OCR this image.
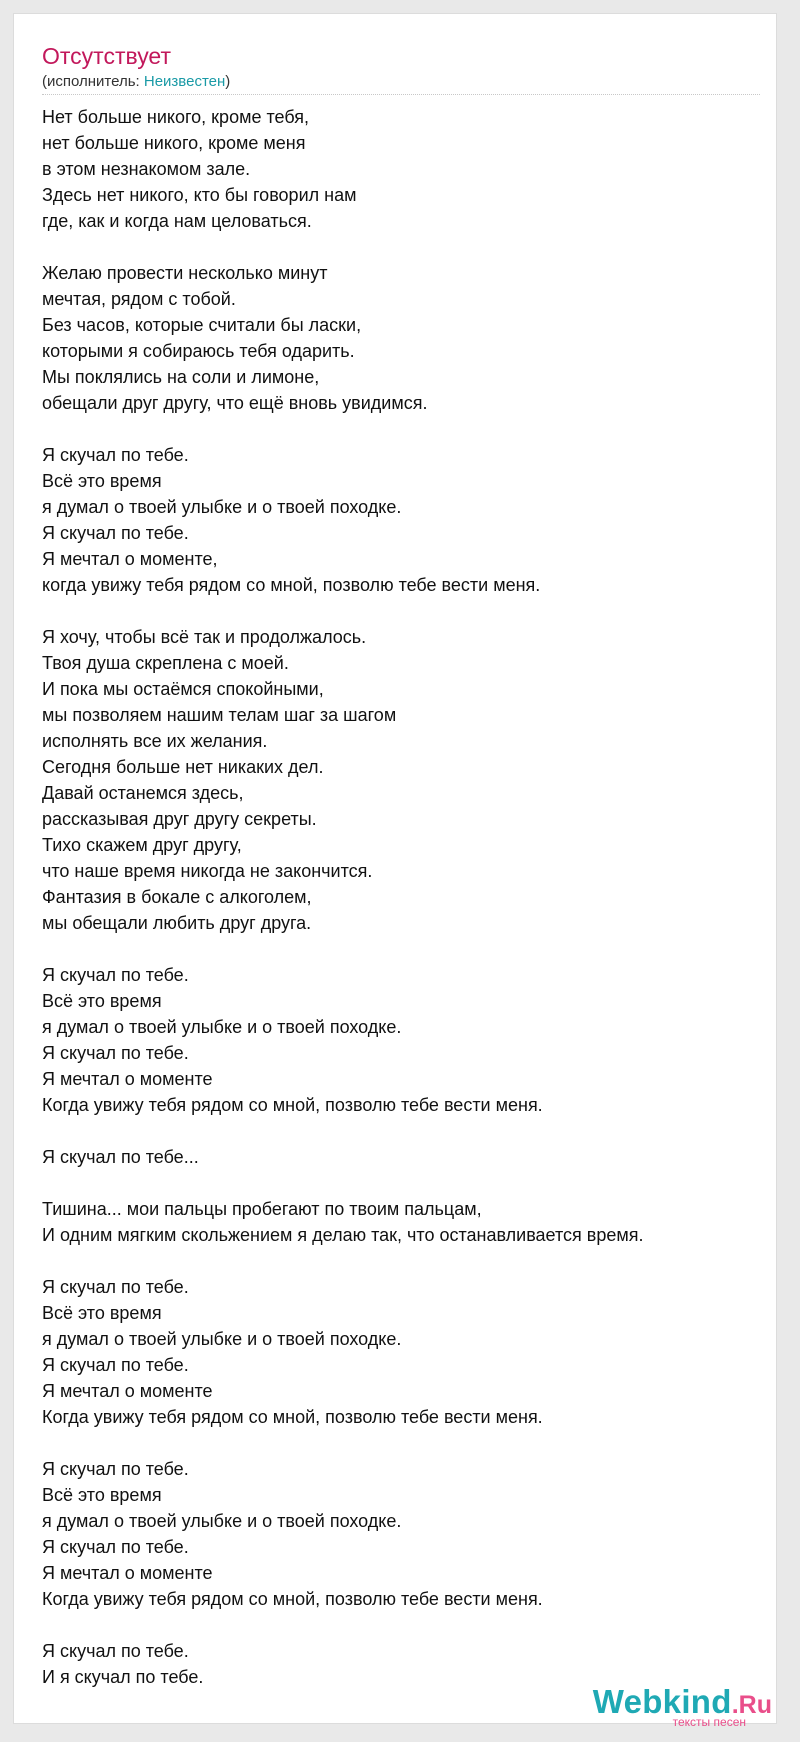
Отсутствует
(исполнитель: Неизвестен)
Нет больше никого, кроме тебя,
нет больше никого, кроме меня
в этом незнакомом зале.
Здесь нет никого, кто бы говорил нам
где, как и когда нам целоваться.
Желаю провести несколько минут
мечтая, рядом с тобой.
Без часов, которые считали бы ласки,
которыми я собираюсь тебя одарить.
Мы поклялись на соли и лимоне,
обещали друг другу, что ещё вновь увидимся.
Я скучал по тебе.
Всё это время
я думал о твоей улыбке и о твоей походке.
Я скучал по тебе.
Я мечтал о моменте,
когда увижу тебя рядом со мной, позволю тебе вести меня.
Я хочу, чтобы всё так и продолжалось.
Твоя душа скреплена с моей.
И пока мы остаёмся спокойными,
мы позволяем нашим телам шаг за шагом
исполнять все их желания.
Сегодня больше нет никаких дел.
Давай останемся здесь,
рассказывая друг другу секреты.
Тихо скажем друг другу,
что наше время никогда не закончится.
Фантазия в бокале с алкоголем,
мы обещали любить друг друга.
Я скучал по тебе.
Всё это время
я думал о твоей улыбке и о твоей походке.
Я скучал по тебе.
Я мечтал о моменте
Когда увижу тебя рядом со мной, позволю тебе вести меня.
Я скучал по тебе...
Тишина... мои пальцы пробегают по твоим пальцам,
И одним мягким скольжением я делаю так, что останавливается время.
Я скучал по тебе.
Всё это время
я думал о твоей улыбке и о твоей походке.
Я скучал по тебе.
Я мечтал о моменте
Когда увижу тебя рядом со мной, позволю тебе вести меня.
Я скучал по тебе.
Всё это время
я думал о твоей улыбке и о твоей походке.
Я скучал по тебе.
Я мечтал о моменте
Когда увижу тебя рядом со мной, позволю тебе вести меня.
Я скучал по тебе.
И я скучал по тебе.
Webkind.Ru
тексты песен
